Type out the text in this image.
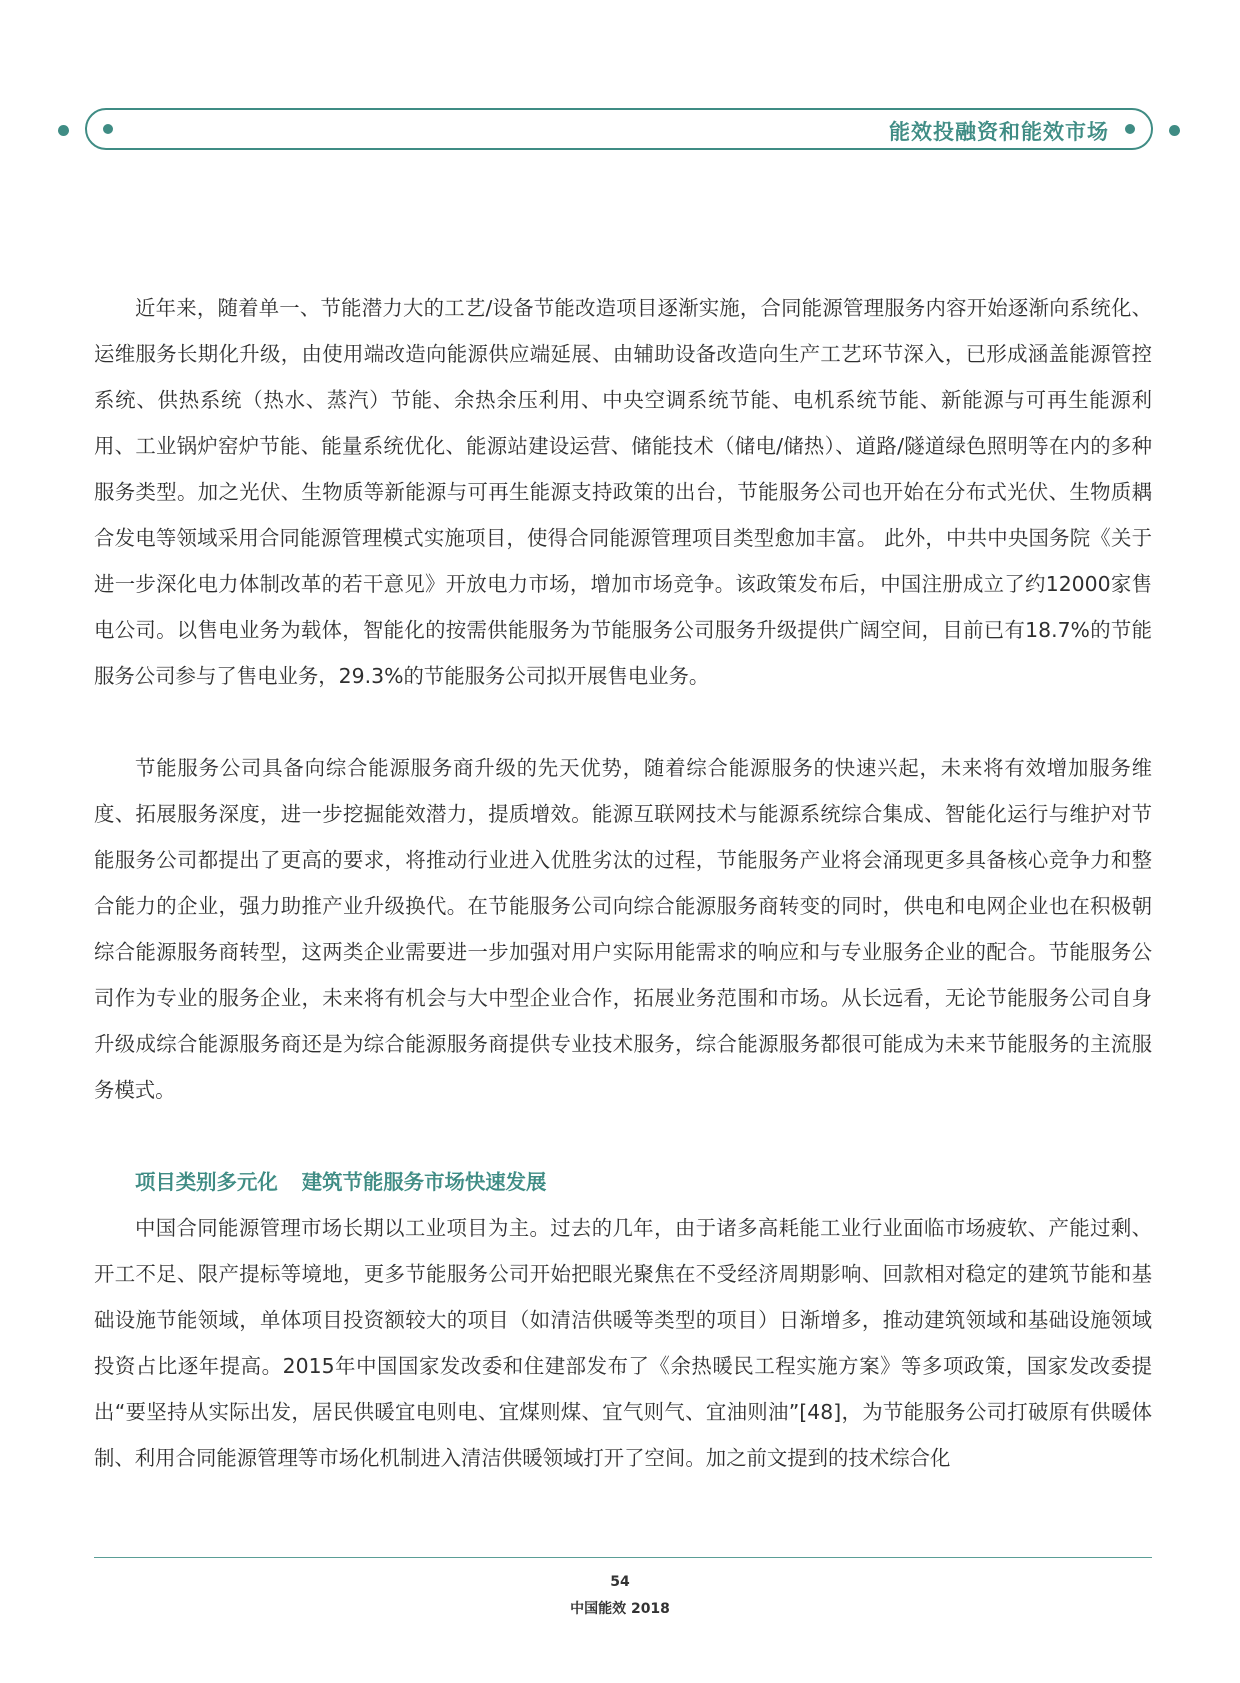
能效投融资和能效市场

近年来，随着单一、节能潜力大的工艺/设备节能改造项目逐渐实施，合同能源管理服务内容开始逐渐向系统化、运维服务长期化升级，由使用端改造向能源供应端延展、由辅助设备改造向生产工艺环节深入，已形成涵盖能源管控系统、供热系统（热水、蒸汽）节能、余热余压利用、中央空调系统节能、电机系统节能、新能源与可再生能源利用、工业锅炉窑炉节能、能量系统优化、能源站建设运营、储能技术（储电/储热）、道路/隧道绿色照明等在内的多种服务类型。加之光伏、生物质等新能源与可再生能源支持政策的出台，节能服务公司也开始在分布式光伏、生物质耦合发电等领域采用合同能源管理模式实施项目，使得合同能源管理项目类型愈加丰富。 此外，中共中央国务院《关于进一步深化电力体制改革的若干意见》开放电力市场，增加市场竞争。该政策发布后，中国注册成立了约12000家售电公司。以售电业务为载体，智能化的按需供能服务为节能服务公司服务升级提供广阔空间，目前已有18.7%的节能服务公司参与了售电业务，29.3%的节能服务公司拟开展售电业务。

节能服务公司具备向综合能源服务商升级的先天优势，随着综合能源服务的快速兴起，未来将有效增加服务维度、拓展服务深度，进一步挖掘能效潜力，提质增效。能源互联网技术与能源系统综合集成、智能化运行与维护对节能服务公司都提出了更高的要求，将推动行业进入优胜劣汰的过程，节能服务产业将会涌现更多具备核心竞争力和整合能力的企业，强力助推产业升级换代。在节能服务公司向综合能源服务商转变的同时，供电和电网企业也在积极朝综合能源服务商转型，这两类企业需要进一步加强对用户实际用能需求的响应和与专业服务企业的配合。节能服务公司作为专业的服务企业，未来将有机会与大中型企业合作，拓展业务范围和市场。从长远看，无论节能服务公司自身升级成综合能源服务商还是为综合能源服务商提供专业技术服务，综合能源服务都很可能成为未来节能服务的主流服务模式。

项目类别多元化 建筑节能服务市场快速发展

中国合同能源管理市场长期以工业项目为主。过去的几年，由于诸多高耗能工业行业面临市场疲软、产能过剩、开工不足、限产提标等境地，更多节能服务公司开始把眼光聚焦在不受经济周期影响、回款相对稳定的建筑节能和基础设施节能领域，单体项目投资额较大的项目（如清洁供暖等类型的项目）日渐增多，推动建筑领域和基础设施领域投资占比逐年提高。2015年中国国家发改委和住建部发布了《余热暖民工程实施方案》等多项政策，国家发改委提出“要坚持从实际出发，居民供暖宜电则电、宜煤则煤、宜气则气、宜油则油”[48]，为节能服务公司打破原有供暖体制、利用合同能源管理等市场化机制进入清洁供暖领域打开了空间。加之前文提到的技术综合化

54
中国能效 2018
